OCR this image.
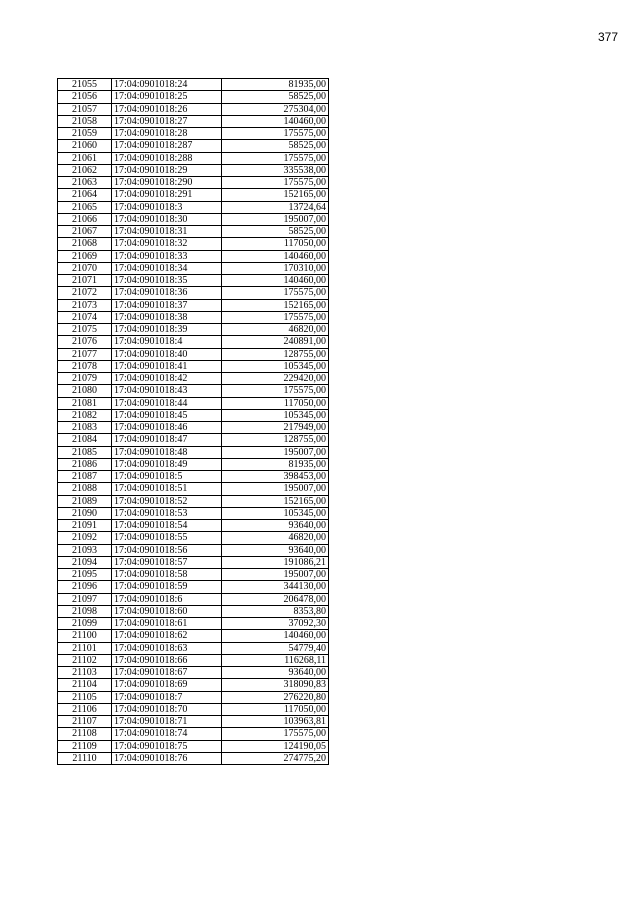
377
21055	17:04:0901018:24	81935,00
21056	17:04:0901018:25	58525,00
21057	17:04:0901018:26	275304,00
21058	17:04:0901018:27	140460,00
21059	17:04:0901018:28	175575,00
21060	17:04:0901018:287	58525,00
21061	17:04:0901018:288	175575,00
21062	17:04:0901018:29	335538,00
21063	17:04:0901018:290	175575,00
21064	17:04:0901018:291	152165,00
21065	17:04:0901018:3	13724,64
21066	17:04:0901018:30	195007,00
21067	17:04:0901018:31	58525,00
21068	17:04:0901018:32	117050,00
21069	17:04:0901018:33	140460,00
21070	17:04:0901018:34	170310,00
21071	17:04:0901018:35	140460,00
21072	17:04:0901018:36	175575,00
21073	17:04:0901018:37	152165,00
21074	17:04:0901018:38	175575,00
21075	17:04:0901018:39	46820,00
21076	17:04:0901018:4	240891,00
21077	17:04:0901018:40	128755,00
21078	17:04:0901018:41	105345,00
21079	17:04:0901018:42	229420,00
21080	17:04:0901018:43	175575,00
21081	17:04:0901018:44	117050,00
21082	17:04:0901018:45	105345,00
21083	17:04:0901018:46	217949,00
21084	17:04:0901018:47	128755,00
21085	17:04:0901018:48	195007,00
21086	17:04:0901018:49	81935,00
21087	17:04:0901018:5	398453,00
21088	17:04:0901018:51	195007,00
21089	17:04:0901018:52	152165,00
21090	17:04:0901018:53	105345,00
21091	17:04:0901018:54	93640,00
21092	17:04:0901018:55	46820,00
21093	17:04:0901018:56	93640,00
21094	17:04:0901018:57	191086,21
21095	17:04:0901018:58	195007,00
21096	17:04:0901018:59	344130,00
21097	17:04:0901018:6	206478,00
21098	17:04:0901018:60	8353,80
21099	17:04:0901018:61	37092,30
21100	17:04:0901018:62	140460,00
21101	17:04:0901018:63	54779,40
21102	17:04:0901018:66	116268,11
21103	17:04:0901018:67	93640,00
21104	17:04:0901018:69	318090,83
21105	17:04:0901018:7	276220,80
21106	17:04:0901018:70	117050,00
21107	17:04:0901018:71	103963,81
21108	17:04:0901018:74	175575,00
21109	17:04:0901018:75	124190,05
21110	17:04:0901018:76	274775,20
